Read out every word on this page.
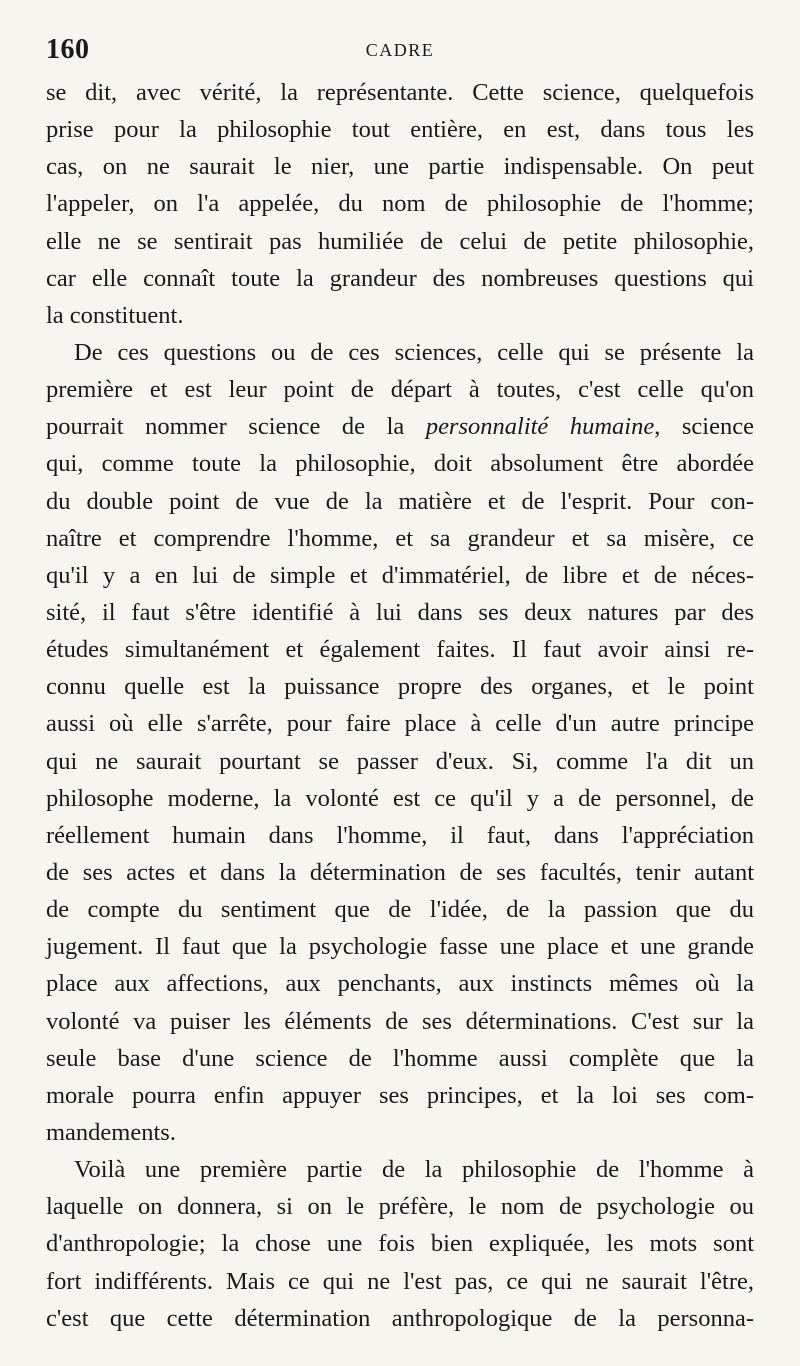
160	CADRE

se dit, avec vérité, la représentante. Cette science, quelquefois
prise pour la philosophie tout entière, en est, dans tous les
cas, on ne saurait le nier, une partie indispensable. On peut
l'appeler, on l'a appelée, du nom de philosophie de l'homme;
elle ne se sentirait pas humiliée de celui de petite philosophie,
car elle connaît toute la grandeur des nombreuses questions qui
la constituent.

De ces questions ou de ces sciences, celle qui se présente la
première et est leur point de départ à toutes, c'est celle qu'on
pourrait nommer science de la personnalité humaine, science
qui, comme toute la philosophie, doit absolument être abordée
du double point de vue de la matière et de l'esprit. Pour con-
naître et comprendre l'homme, et sa grandeur et sa misère, ce
qu'il y a en lui de simple et d'immatériel, de libre et de néces-
sité, il faut s'être identifié à lui dans ses deux natures par des
études simultanément et également faites. Il faut avoir ainsi re-
connu quelle est la puissance propre des organes, et le point
aussi où elle s'arrête, pour faire place à celle d'un autre principe
qui ne saurait pourtant se passer d'eux. Si, comme l'a dit un
philosophe moderne, la volonté est ce qu'il y a de personnel, de
réellement humain dans l'homme, il faut, dans l'appréciation
de ses actes et dans la détermination de ses facultés, tenir autant
de compte du sentiment que de l'idée, de la passion que du
jugement. Il faut que la psychologie fasse une place et une grande
place aux affections, aux penchants, aux instincts mêmes où la
volonté va puiser les éléments de ses déterminations. C'est sur la
seule base d'une science de l'homme aussi complète que la
morale pourra enfin appuyer ses principes, et la loi ses com-
mandements.

Voilà une première partie de la philosophie de l'homme à
laquelle on donnera, si on le préfère, le nom de psychologie ou
d'anthropologie; la chose une fois bien expliquée, les mots sont
fort indifférents. Mais ce qui ne l'est pas, ce qui ne saurait l'être,
c'est que cette détermination anthropologique de la personna-
